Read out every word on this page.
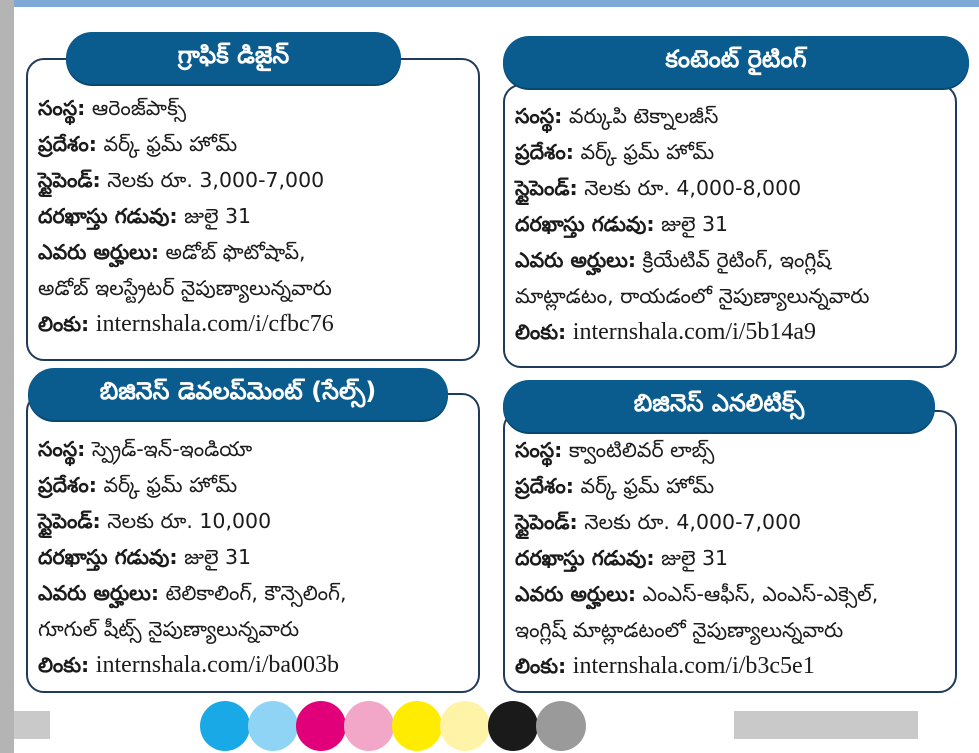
సంస్థ: ఆరెంజ్‌పాక్స్
ప్రదేశం: వర్క్ ఫ్రమ్ హోమ్
స్టైపెండ్: నెలకు రూ. 3,000-7,000
దరఖాస్తు గడువు: జులై 31
ఎవరు అర్హులు: అడోబ్ ఫొటోషాప్,
అడోబ్ ఇలస్ట్రేటర్ నైపుణ్యాలున్నవారు
లింకు: internshala.com/i/cfbc76
గ్రాఫిక్ డిజైన్
సంస్థ: వర్కుపి టెక్నాలజీస్
ప్రదేశం: వర్క్ ఫ్రమ్ హోమ్
స్టైపెండ్: నెలకు రూ. 4,000-8,000
దరఖాస్తు గడువు: జులై 31
ఎవరు అర్హులు: క్రియేటివ్ రైటింగ్, ఇంగ్లిష్
మాట్లాడటం, రాయడంలో నైపుణ్యాలున్నవారు
లింకు: internshala.com/i/5b14a9
కంటెంట్ రైటింగ్
సంస్థ: స్ప్రెడ్-ఇన్-ఇండియా
ప్రదేశం: వర్క్ ఫ్రమ్ హోమ్
స్టైపెండ్: నెలకు రూ. 10,000
దరఖాస్తు గడువు: జులై 31
ఎవరు అర్హులు: టెలికాలింగ్, కౌన్సెలింగ్,
గూగుల్ షీట్స్ నైపుణ్యాలున్నవారు
లింకు: internshala.com/i/ba003b
బిజినెస్ డెవలప్‌మెంట్ (సేల్స్)
సంస్థ: క్వాంటిలివర్ లాబ్స్
ప్రదేశం: వర్క్ ఫ్రమ్ హోమ్
స్టైపెండ్: నెలకు రూ. 4,000-7,000
దరఖాస్తు గడువు: జులై 31
ఎవరు అర్హులు: ఎంఎస్-ఆఫీస్, ఎంఎస్-ఎక్సెల్,
ఇంగ్లిష్ మాట్లాడటంలో నైపుణ్యాలున్నవారు
లింకు: internshala.com/i/b3c5e1
బిజినెస్ ఎనలిటిక్స్
